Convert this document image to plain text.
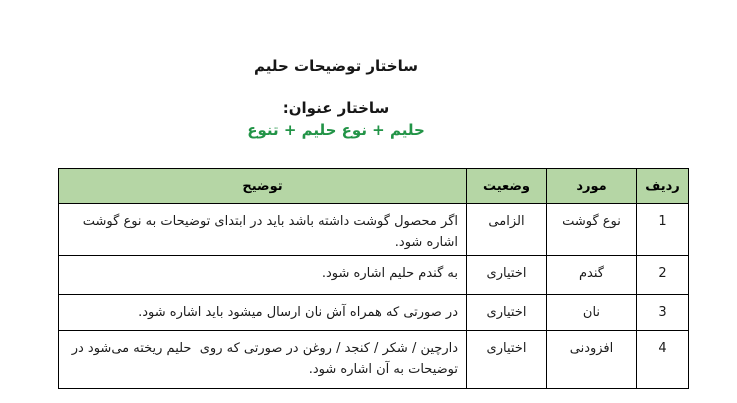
ساختار توضیحات حلیم
ساختار عنوان:
حلیم + نوع حلیم + تنوع
ردیف	مورد	وضعیت	توضیح
1	نوع گوشت	الزامی	اگر محصول گوشت داشته باشد باید در ابتدای توضیحات به نوع گوشت اشاره شود.
2	گندم	اختیاری	به گندم حلیم اشاره شود.
3	نان	اختیاری	در صورتی که همراه آش نان ارسال میشود باید اشاره شود.
4	افزودنی	اختیاری	دارچین / شکر / کنجد / روغن در صورتی که روی  حلیم ریخته می‌شود در توضیحات به آن اشاره شود.
